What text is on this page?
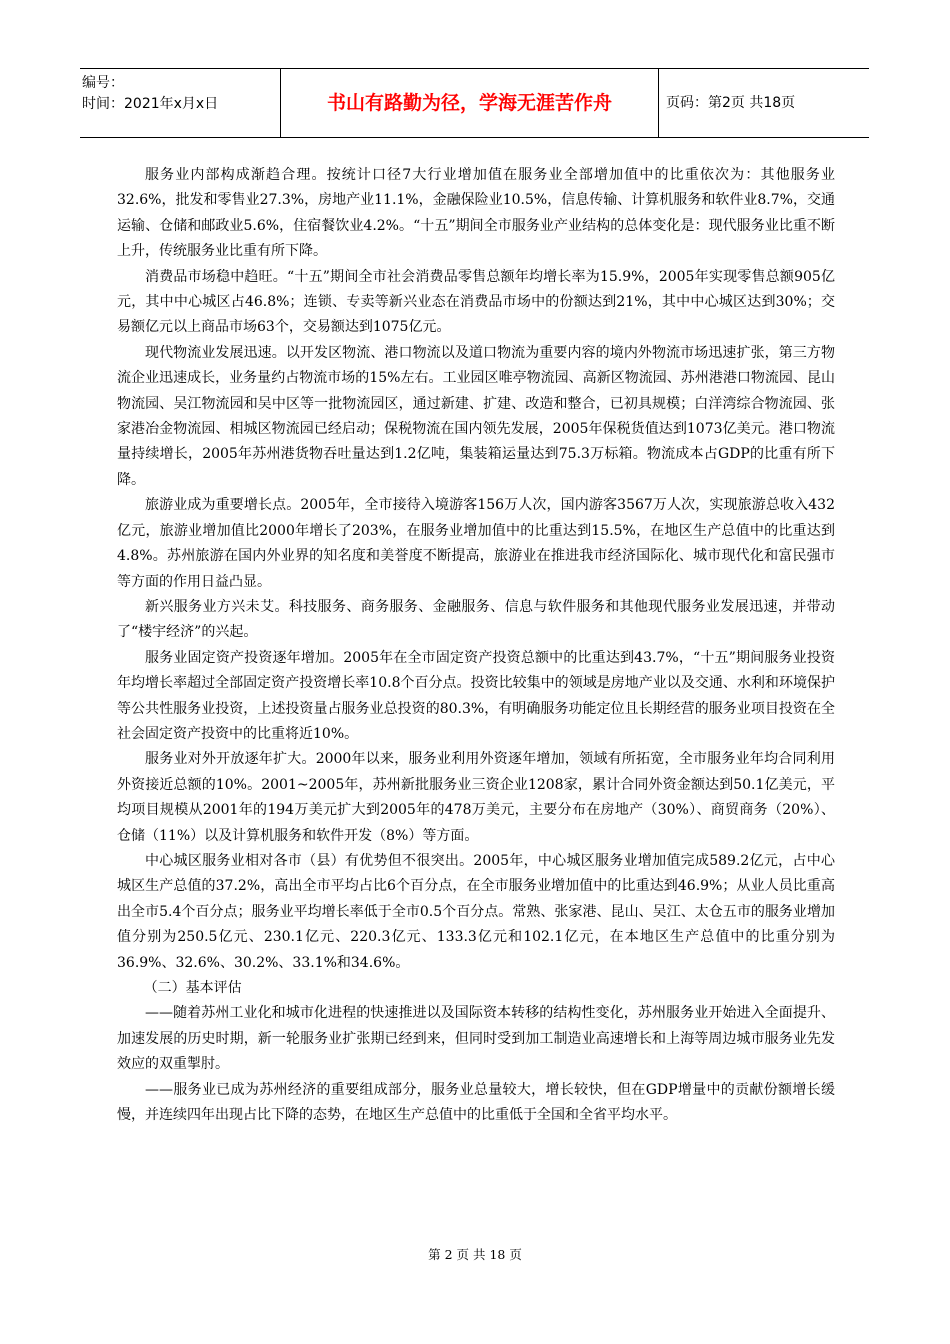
编号：
时间：2021年x月x日	书山有路勤为径，学海无涯苦作舟	页码：第2页 共18页

服务业内部构成渐趋合理。按统计口径7大行业增加值在服务业全部增加值中的比重依次为：其他服务业32.6%，批发和零售业27.3%，房地产业11.1%，金融保险业10.5%，信息传输、计算机服务和软件业8.7%，交通运输、仓储和邮政业5.6%，住宿餐饮业4.2%。“十五”期间全市服务业产业结构的总体变化是：现代服务业比重不断上升，传统服务业比重有所下降。

消费品市场稳中趋旺。“十五”期间全市社会消费品零售总额年均增长率为15.9%，2005年实现零售总额905亿元，其中中心城区占46.8%；连锁、专卖等新兴业态在消费品市场中的份额达到21%，其中中心城区达到30%；交易额亿元以上商品市场63个，交易额达到1075亿元。

现代物流业发展迅速。以开发区物流、港口物流以及道口物流为重要内容的境内外物流市场迅速扩张，第三方物流企业迅速成长，业务量约占物流市场的15%左右。工业园区唯亭物流园、高新区物流园、苏州港港口物流园、昆山物流园、吴江物流园和吴中区等一批物流园区，通过新建、扩建、改造和整合，已初具规模；白洋湾综合物流园、张家港冶金物流园、相城区物流园已经启动；保税物流在国内领先发展，2005年保税货值达到1073亿美元。港口物流量持续增长，2005年苏州港货物吞吐量达到1.2亿吨，集装箱运量达到75.3万标箱。物流成本占GDP的比重有所下降。

旅游业成为重要增长点。2005年，全市接待入境游客156万人次，国内游客3567万人次，实现旅游总收入432亿元，旅游业增加值比2000年增长了203%，在服务业增加值中的比重达到15.5%，在地区生产总值中的比重达到4.8%。苏州旅游在国内外业界的知名度和美誉度不断提高，旅游业在推进我市经济国际化、城市现代化和富民强市等方面的作用日益凸显。

新兴服务业方兴未艾。科技服务、商务服务、金融服务、信息与软件服务和其他现代服务业发展迅速，并带动了“楼宇经济”的兴起。

服务业固定资产投资逐年增加。2005年在全市固定资产投资总额中的比重达到43.7%，“十五”期间服务业投资年均增长率超过全部固定资产投资增长率10.8个百分点。投资比较集中的领域是房地产业以及交通、水利和环境保护等公共性服务业投资，上述投资量占服务业总投资的80.3%，有明确服务功能定位且长期经营的服务业项目投资在全社会固定资产投资中的比重将近10%。

服务业对外开放逐年扩大。2000年以来，服务业利用外资逐年增加，领域有所拓宽，全市服务业年均合同利用外资接近总额的10%。2001~2005年，苏州新批服务业三资企业1208家，累计合同外资金额达到50.1亿美元，平均项目规模从2001年的194万美元扩大到2005年的478万美元，主要分布在房地产（30%）、商贸商务（20%）、仓储（11%）以及计算机服务和软件开发（8%）等方面。

中心城区服务业相对各市（县）有优势但不很突出。2005年，中心城区服务业增加值完成589.2亿元，占中心城区生产总值的37.2%，高出全市平均占比6个百分点，在全市服务业增加值中的比重达到46.9%；从业人员比重高出全市5.4个百分点；服务业平均增长率低于全市0.5个百分点。常熟、张家港、昆山、吴江、太仓五市的服务业增加值分别为250.5亿元、230.1亿元、220.3亿元、133.3亿元和102.1亿元，在本地区生产总值中的比重分别为36.9%、32.6%、30.2%、33.1%和34.6%。

（二）基本评估

——随着苏州工业化和城市化进程的快速推进以及国际资本转移的结构性变化，苏州服务业开始进入全面提升、加速发展的历史时期，新一轮服务业扩张期已经到来，但同时受到加工制造业高速增长和上海等周边城市服务业先发效应的双重掣肘。

——服务业已成为苏州经济的重要组成部分，服务业总量较大，增长较快，但在GDP增量中的贡献份额增长缓慢，并连续四年出现占比下降的态势，在地区生产总值中的比重低于全国和全省平均水平。

第 2 页 共 18 页
